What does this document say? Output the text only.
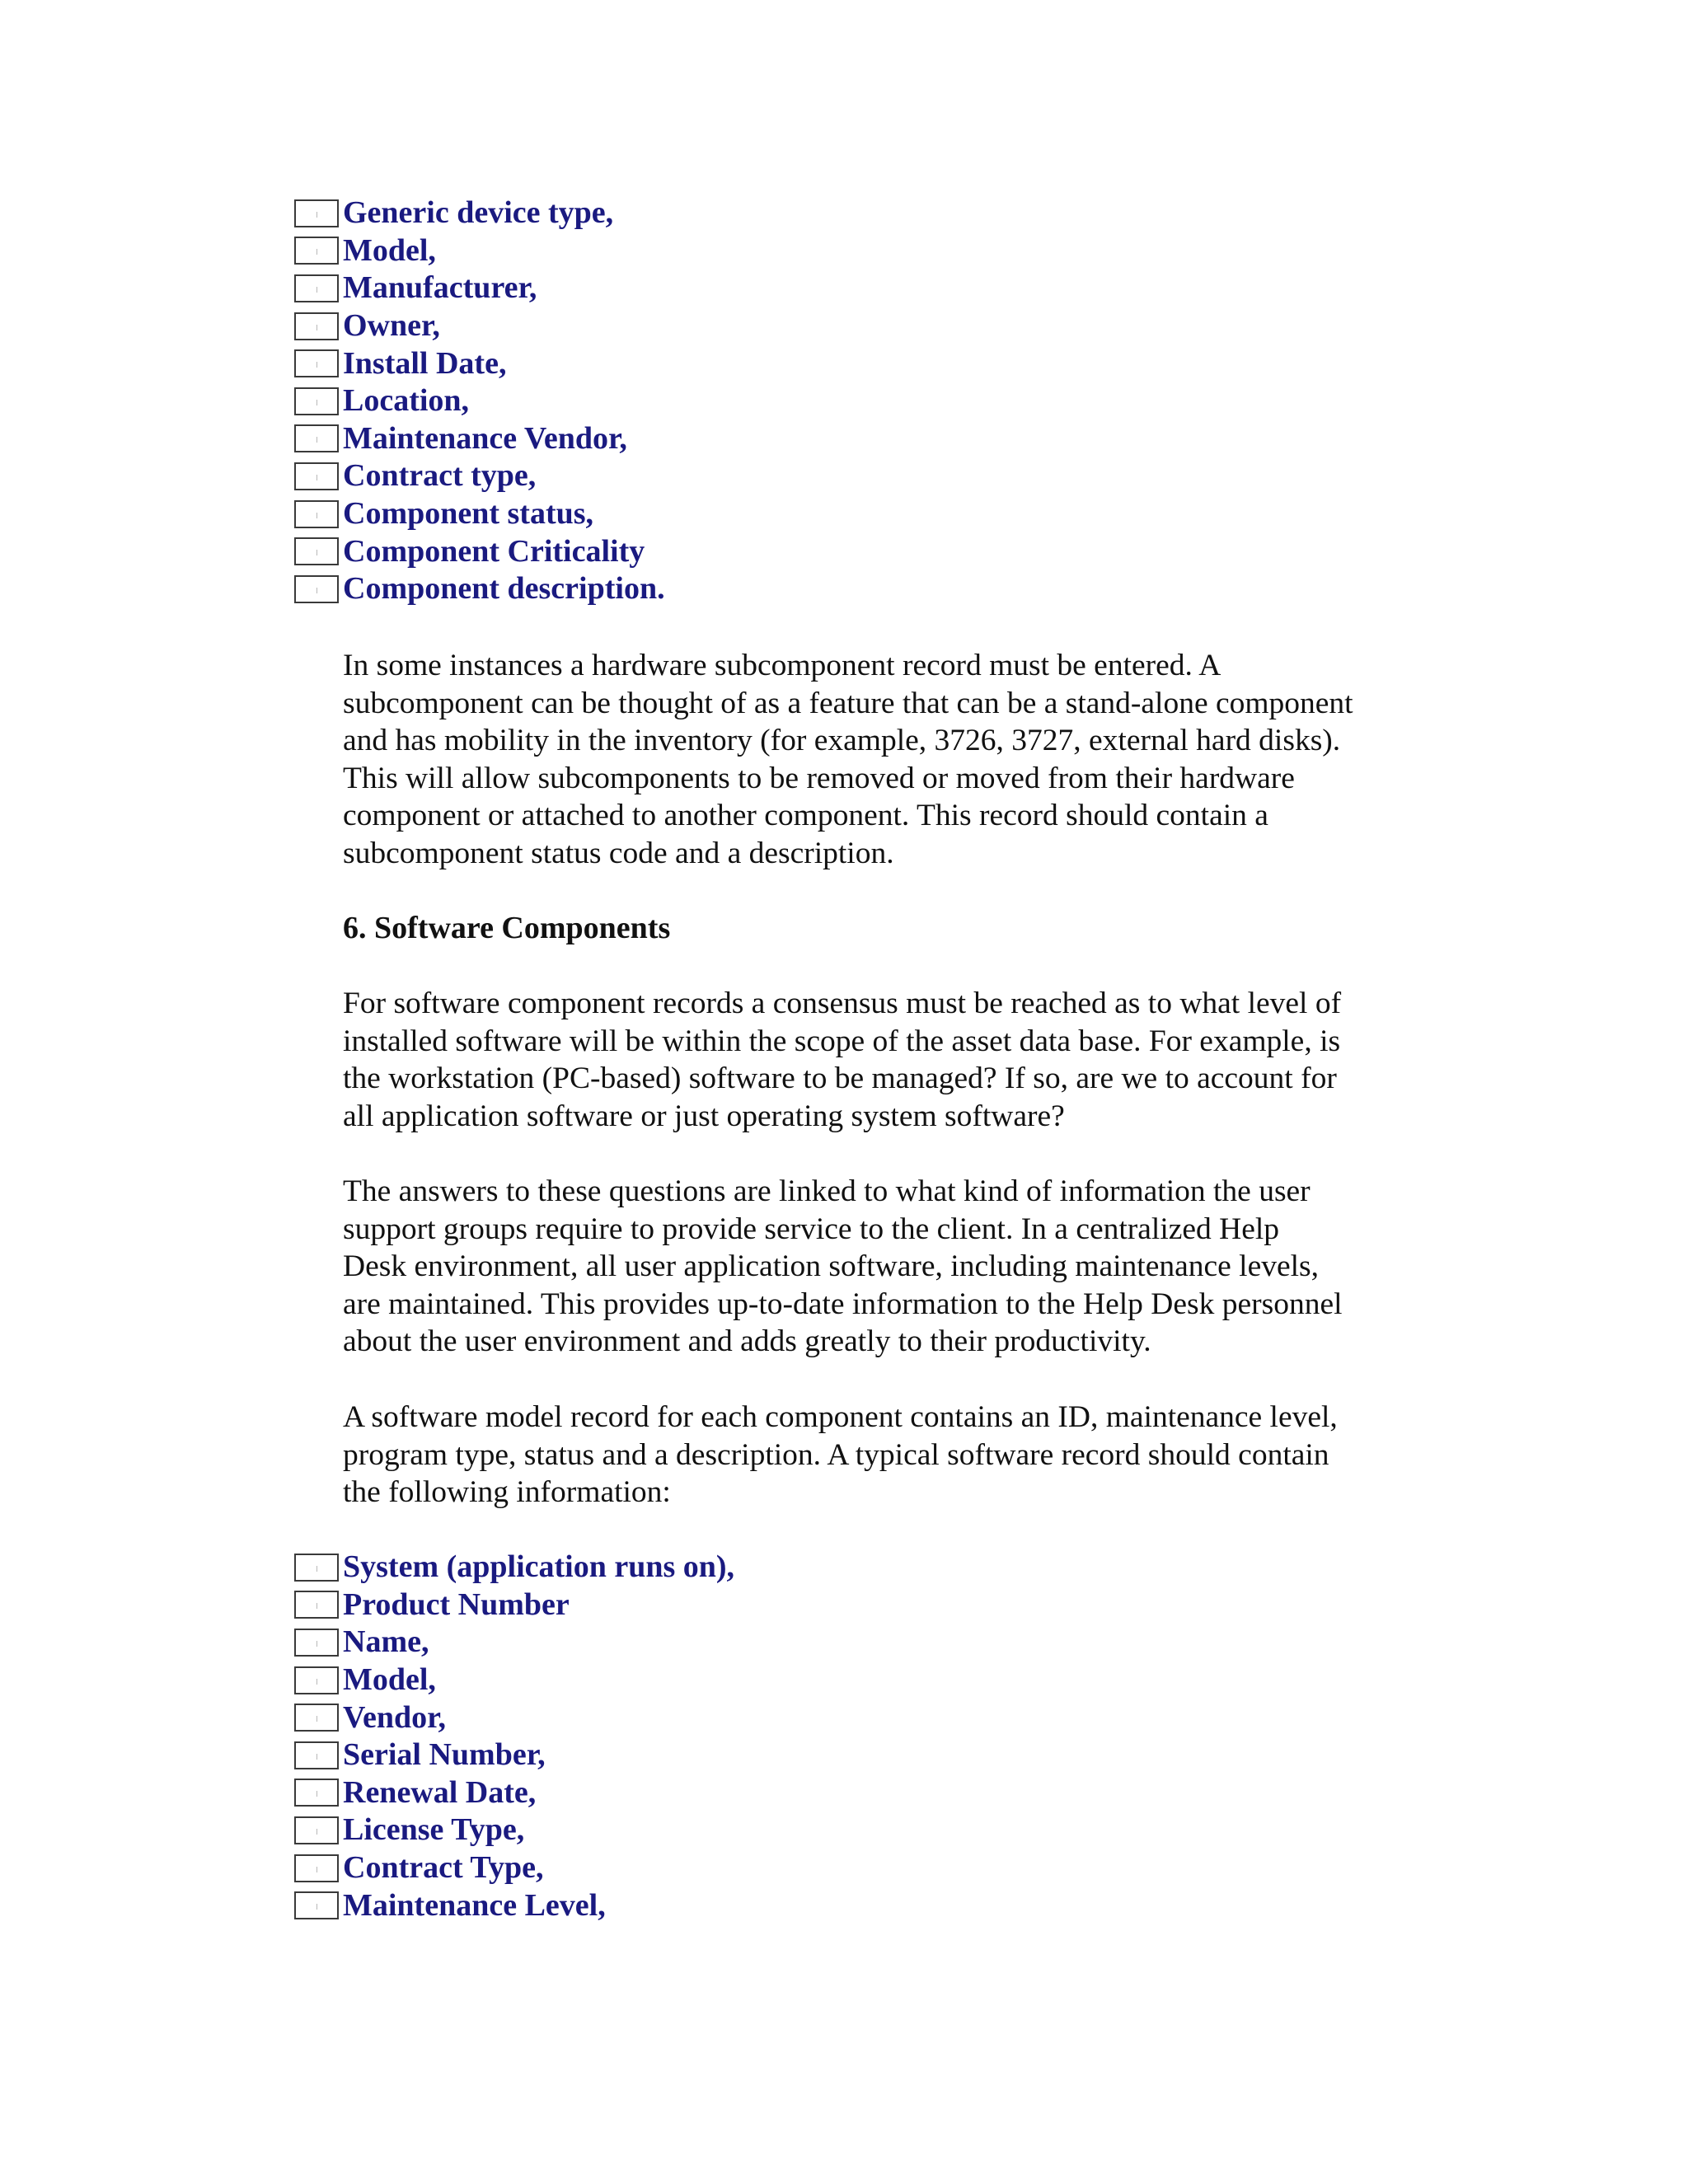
Generic device type,
Model,
Manufacturer,
Owner,
Install Date,
Location,
Maintenance Vendor,
Contract type,
Component status,
Component Criticality
Component description.

In some instances a hardware subcomponent record must be entered. A
subcomponent can be thought of as a feature that can be a stand-alone component
and has mobility in the inventory (for example, 3726, 3727, external hard disks).
This will allow subcomponents to be removed or moved from their hardware
component or attached to another component. This record should contain a
subcomponent status code and a description.

6. Software Components

For software component records a consensus must be reached as to what level of
installed software will be within the scope of the asset data base. For example, is
the workstation (PC-based) software to be managed? If so, are we to account for
all application software or just operating system software?

The answers to these questions are linked to what kind of information the user
support groups require to provide service to the client. In a centralized Help
Desk environment, all user application software, including maintenance levels,
are maintained. This provides up-to-date information to the Help Desk personnel
about the user environment and adds greatly to their productivity.

A software model record for each component contains an ID, maintenance level,
program type, status and a description. A typical software record should contain
the following information:

System (application runs on),
Product Number
Name,
Model,
Vendor,
Serial Number,
Renewal Date,
License Type,
Contract Type,
Maintenance Level,
